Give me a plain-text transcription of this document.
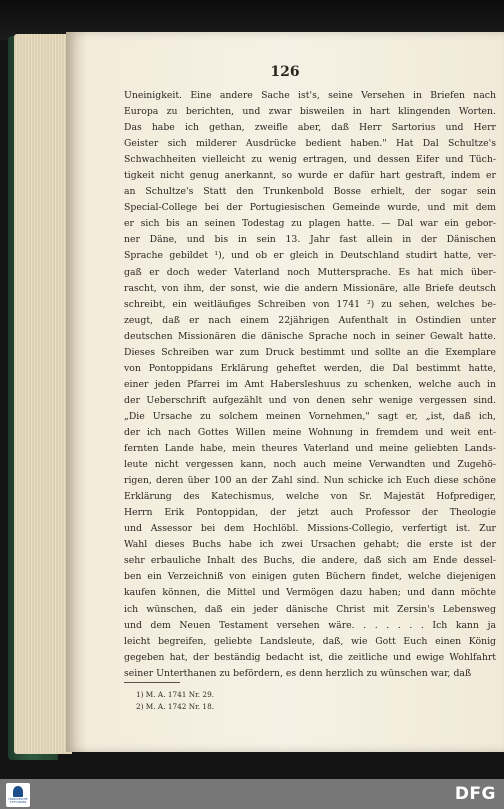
126
Uneinigkeit. Eine andere Sache ist's, seine Versehen in Briefen nach
Europa zu berichten, und zwar bisweilen in hart klingenden Worten.
Das habe ich gethan, zweifle aber, daß Herr Sartorius und Herr
Geister sich milderer Ausdrücke bedient haben." Hat Dal Schultze's
Schwachheiten vielleicht zu wenig ertragen, und dessen Eifer und Tüch-
tigkeit nicht genug anerkannt, so wurde er dafür hart gestraft, indem er
an Schultze's Statt den Trunkenbold Bosse erhielt, der sogar sein
Special-College bei der Portugiesischen Gemeinde wurde, und mit dem
er sich bis an seinen Todestag zu plagen hatte. — Dal war ein gebor-
ner Däne, und bis in sein 13. Jahr fast allein in der Dänischen
Sprache gebildet ¹), und ob er gleich in Deutschland studirt hatte, ver-
gaß er doch weder Vaterland noch Muttersprache. Es hat mich über-
rascht, von ihm, der sonst, wie die andern Missionäre, alle Briefe deutsch
schreibt, ein weitläufiges Schreiben von 1741 ²) zu sehen, welches be-
zeugt, daß er nach einem 22jährigen Aufenthalt in Ostindien unter
deutschen Missionären die dänische Sprache noch in seiner Gewalt hatte.
Dieses Schreiben war zum Druck bestimmt und sollte an die Exemplare
von Pontoppidans Erklärung geheftet werden, die Dal bestimmt hatte,
einer jeden Pfarrei im Amt Habersleshuus zu schenken, welche auch in
der Ueberschrift aufgezählt und von denen sehr wenige vergessen sind.
„Die Ursache zu solchem meinen Vornehmen," sagt er, „ist, daß ich,
der ich nach Gottes Willen meine Wohnung in fremdem und weit ent-
fernten Lande habe, mein theures Vaterland und meine geliebten Lands-
leute nicht vergessen kann, noch auch meine Verwandten und Zugehö-
rigen, deren über 100 an der Zahl sind. Nun schicke ich Euch diese schöne
Erklärung des Katechismus, welche von Sr. Majestät Hofprediger,
Herrn Erik Pontoppidan, der jetzt auch Professor der Theologie
und Assessor bei dem Hochlöbl. Missions-Collegio, verfertigt ist. Zur
Wahl dieses Buchs habe ich zwei Ursachen gehabt; die erste ist der
sehr erbauliche Inhalt des Buchs, die andere, daß sich am Ende dessel-
ben ein Verzeichniß von einigen guten Büchern findet, welche diejenigen
kaufen können, die Mittel und Vermögen dazu haben; und dann möchte
ich wünschen, daß ein jeder dänische Christ mit Zersin's Lebensweg
und dem Neuen Testament versehen wäre. . . . . . . Ich kann ja
leicht begreifen, geliebte Landsleute, daß, wie Gott Euch einen König
gegeben hat, der beständig bedacht ist, die zeitliche und ewige Wohlfahrt
seiner Unterthanen zu befördern, es denn herzlich zu wünschen war, daß
1) M. A. 1741 Nr. 29.
2) M. A. 1742 Nr. 18.
FRANCKESCHE STIFTUNGEN	DFG
